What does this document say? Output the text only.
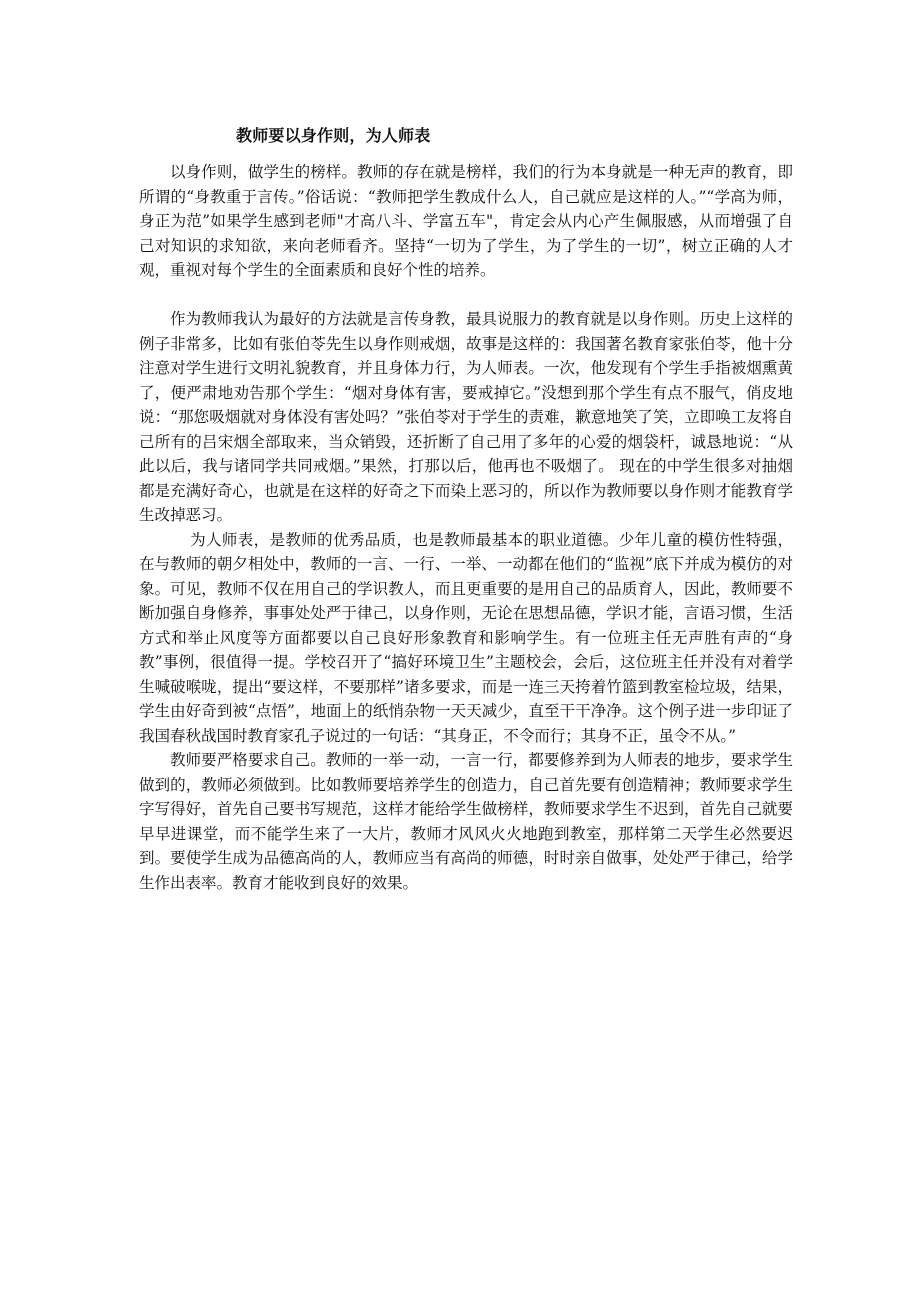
教师要以身作则，为人师表

以身作则，做学生的榜样。教师的存在就是榜样，我们的行为本身就是一种无声的教育，即所谓的“身教重于言传。”俗话说：“教师把学生教成什么人，自己就应是这样的人。”“学高为师，身正为范”如果学生感到老师"才高八斗、学富五车"，肯定会从内心产生佩服感，从而增强了自己对知识的求知欲，来向老师看齐。坚持“一切为了学生，为了学生的一切”，树立正确的人才观，重视对每个学生的全面素质和良好个性的培养。

作为教师我认为最好的方法就是言传身教，最具说服力的教育就是以身作则。历史上这样的例子非常多，比如有张伯苓先生以身作则戒烟，故事是这样的：我国著名教育家张伯苓，他十分注意对学生进行文明礼貌教育，并且身体力行，为人师表。一次，他发现有个学生手指被烟熏黄了，便严肃地劝告那个学生：“烟对身体有害，要戒掉它。”没想到那个学生有点不服气，俏皮地说：“那您吸烟就对身体没有害处吗？”张伯苓对于学生的责难，歉意地笑了笑，立即唤工友将自己所有的吕宋烟全部取来，当众销毁，还折断了自己用了多年的心爱的烟袋杆，诚恳地说：“从此以后，我与诸同学共同戒烟。”果然，打那以后，他再也不吸烟了。 现在的中学生很多对抽烟都是充满好奇心，也就是在这样的好奇之下而染上恶习的，所以作为教师要以身作则才能教育学生改掉恶习。

为人师表，是教师的优秀品质，也是教师最基本的职业道德。少年儿童的模仿性特强，在与教师的朝夕相处中，教师的一言、一行、一举、一动都在他们的“监视”底下并成为模仿的对象。可见，教师不仅在用自己的学识教人，而且更重要的是用自己的品质育人，因此，教师要不断加强自身修养，事事处处严于律己，以身作则，无论在思想品德，学识才能，言语习惯，生活方式和举止风度等方面都要以自己良好形象教育和影响学生。有一位班主任无声胜有声的“身教”事例，很值得一提。学校召开了“搞好环境卫生”主题校会，会后，这位班主任并没有对着学生喊破喉咙，提出“要这样，不要那样”诸多要求，而是一连三天挎着竹篮到教室检垃圾，结果，学生由好奇到被“点悟”，地面上的纸悄杂物一天天减少，直至干干净净。这个例子进一步印证了我国春秋战国时教育家孔子说过的一句话：“其身正，不令而行；其身不正，虽令不从。”

教师要严格要求自己。教师的一举一动，一言一行，都要修养到为人师表的地步，要求学生做到的，教师必须做到。比如教师要培养学生的创造力，自己首先要有创造精神；教师要求学生字写得好，首先自己要书写规范，这样才能给学生做榜样，教师要求学生不迟到，首先自己就要早早进课堂，而不能学生来了一大片，教师才风风火火地跑到教室，那样第二天学生必然要迟到。要使学生成为品德高尚的人，教师应当有高尚的师德，时时亲自做事，处处严于律己，给学生作出表率。教育才能收到良好的效果。
